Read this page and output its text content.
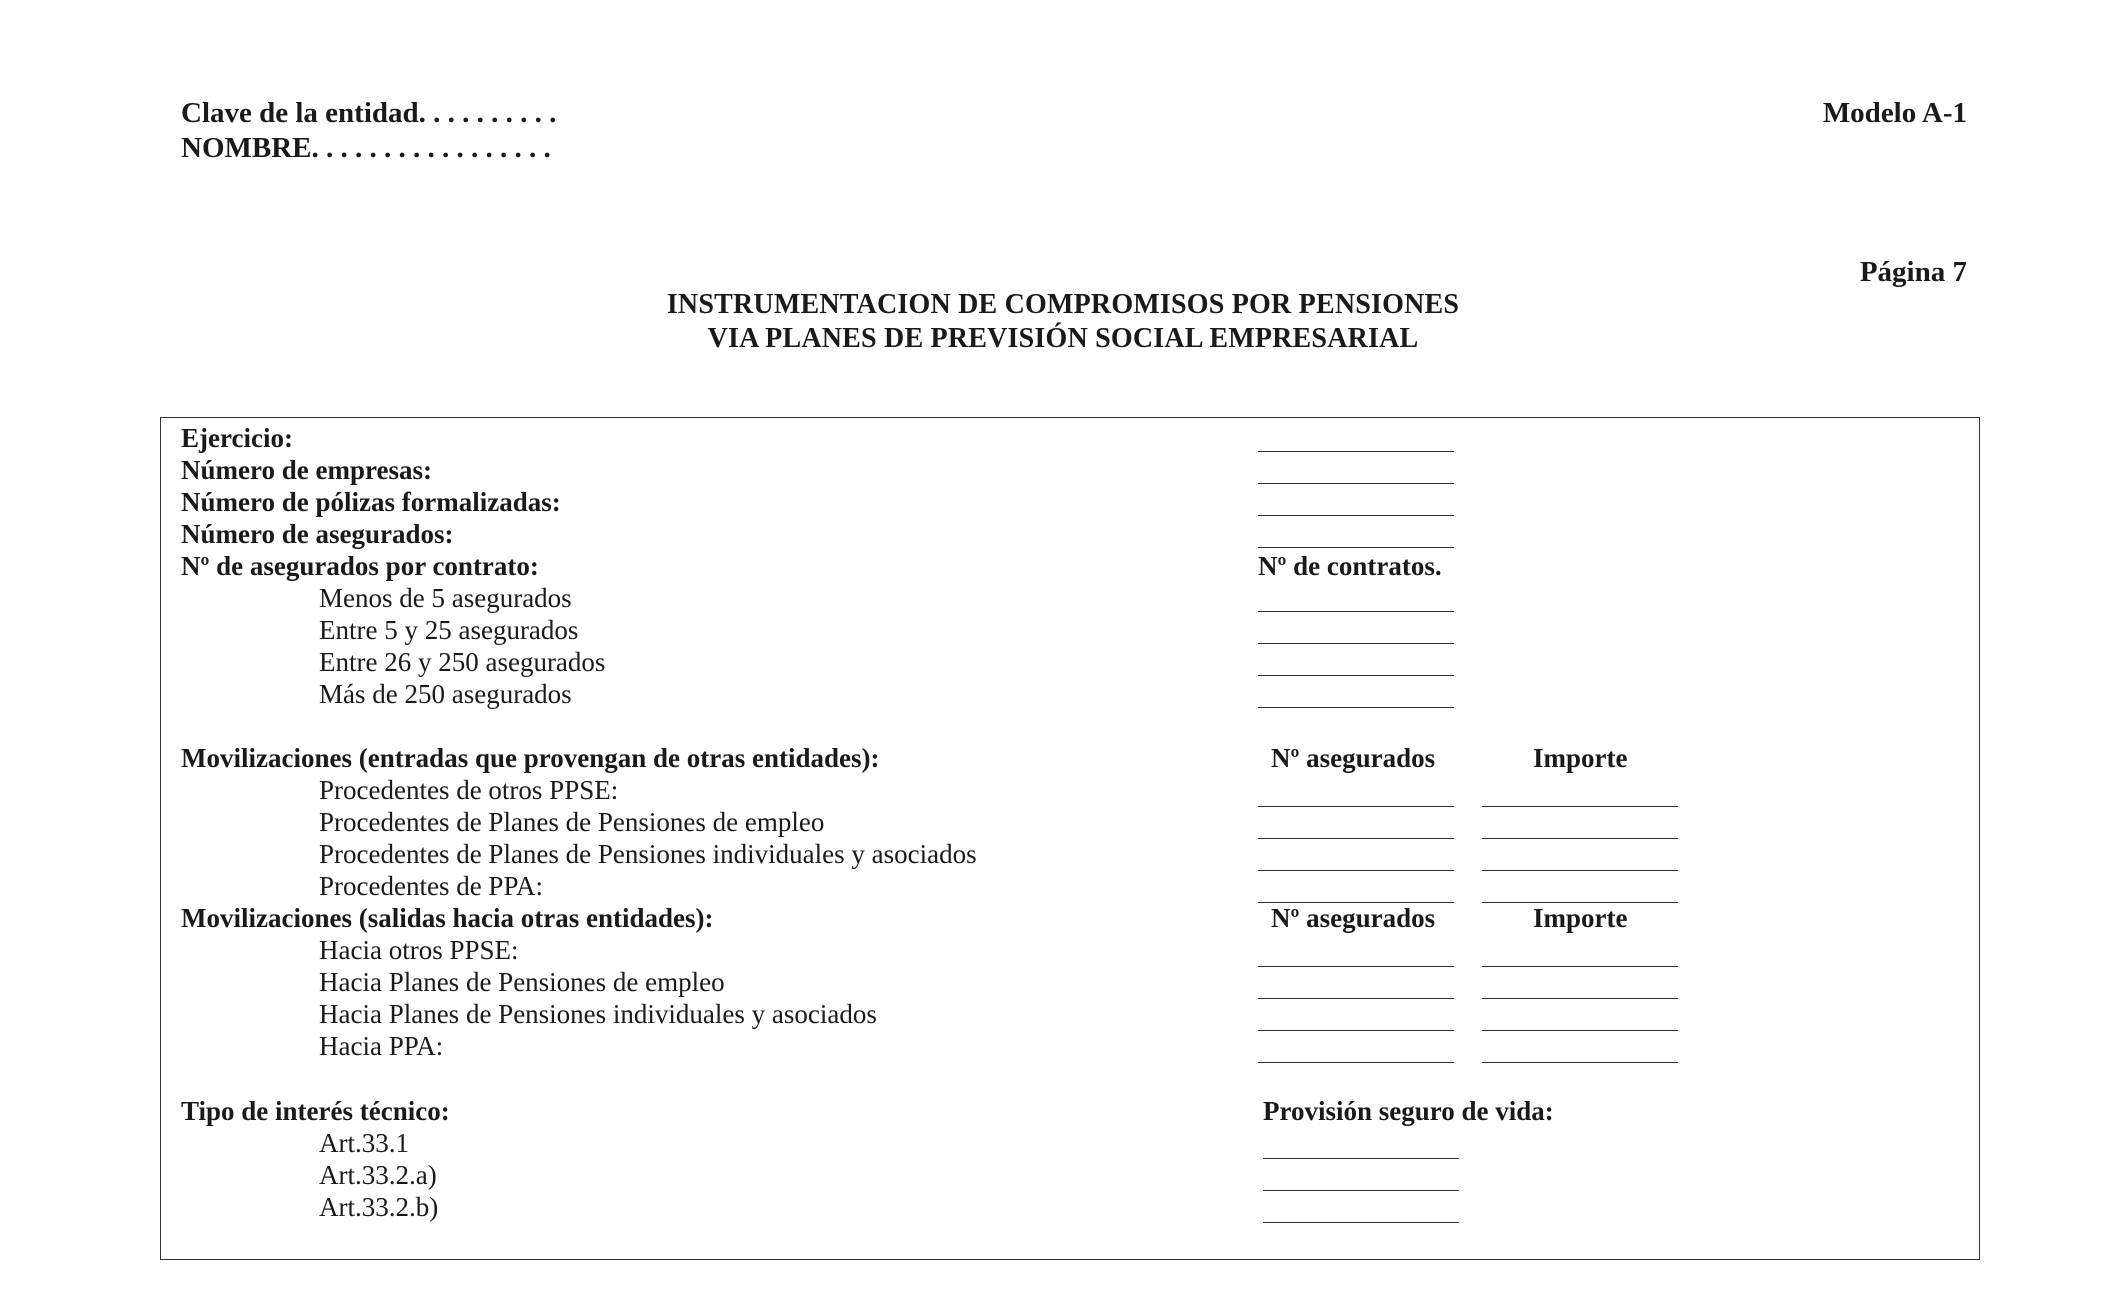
Clave de la entidad. . . . . . . . . .
NOMBRE. . . . . . . . . . . . . . . . .
Modelo A-1
Página 7
INSTRUMENTACION DE COMPROMISOS POR PENSIONES
VIA PLANES DE PREVISIÓN SOCIAL EMPRESARIAL
Ejercicio:
Número de empresas:
Número de pólizas formalizadas:
Número de asegurados:
Nº de asegurados por contrato:	Nº de contratos.
Menos de 5 asegurados
Entre 5 y 25 asegurados
Entre 26 y 250 asegurados
Más de 250 asegurados
Movilizaciones (entradas que provengan de otras entidades):	Nº asegurados	Importe
Procedentes de otros PPSE:
Procedentes de Planes de Pensiones de empleo
Procedentes de Planes de Pensiones individuales y asociados
Procedentes de PPA:
Movilizaciones (salidas hacia otras entidades):	Nº asegurados	Importe
Hacia otros PPSE:
Hacia Planes de Pensiones de empleo
Hacia Planes de Pensiones individuales y asociados
Hacia PPA:
Tipo de interés técnico:	Provisión seguro de vida:
Art.33.1
Art.33.2.a)
Art.33.2.b)
